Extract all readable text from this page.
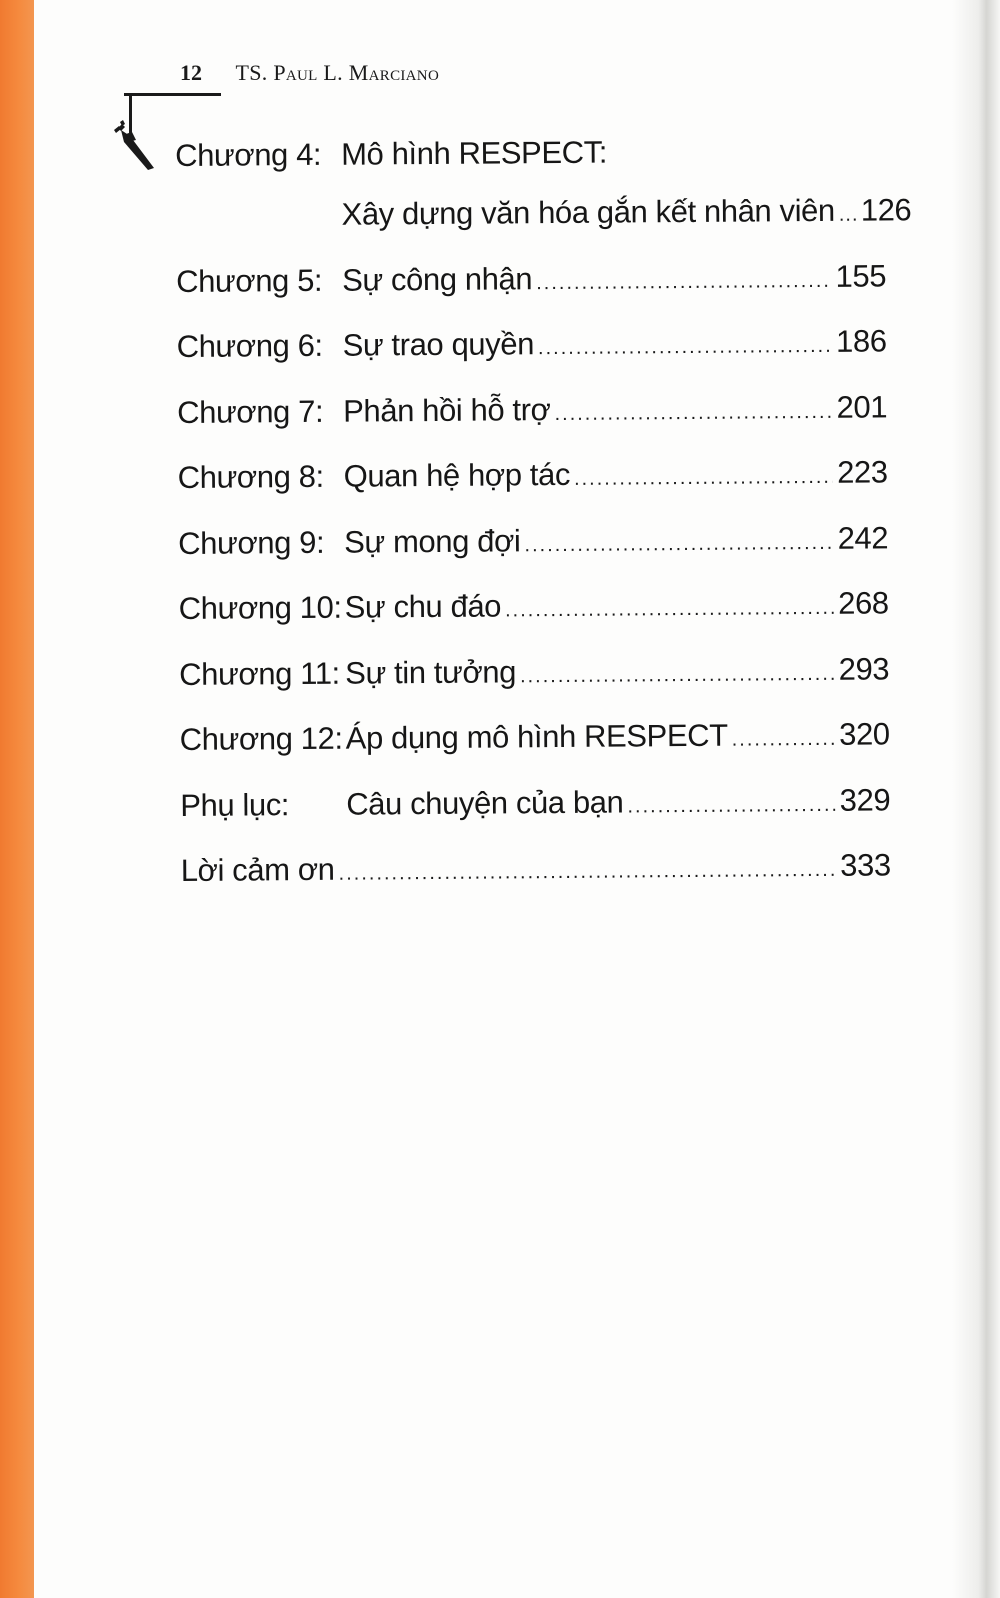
12 TS. Paul L. Marciano
Chương 4: Mô hình RESPECT:
Xây dựng văn hóa gắn kết nhân viên ..... 126
Chương 5: Sự công nhận .....	155
Chương 6: Sự trao quyền .....	186
Chương 7: Phản hồi hỗ trợ .....	201
Chương 8: Quan hệ hợp tác .....	223
Chương 9: Sự mong đợi .....	242
Chương 10: Sự chu đáo .....	268
Chương 11: Sự tin tưởng .....	293
Chương 12: Áp dụng mô hình RESPECT .....	320
Phụ lục:	Câu chuyện của bạn .....	329
Lời cảm ơn .....	333
